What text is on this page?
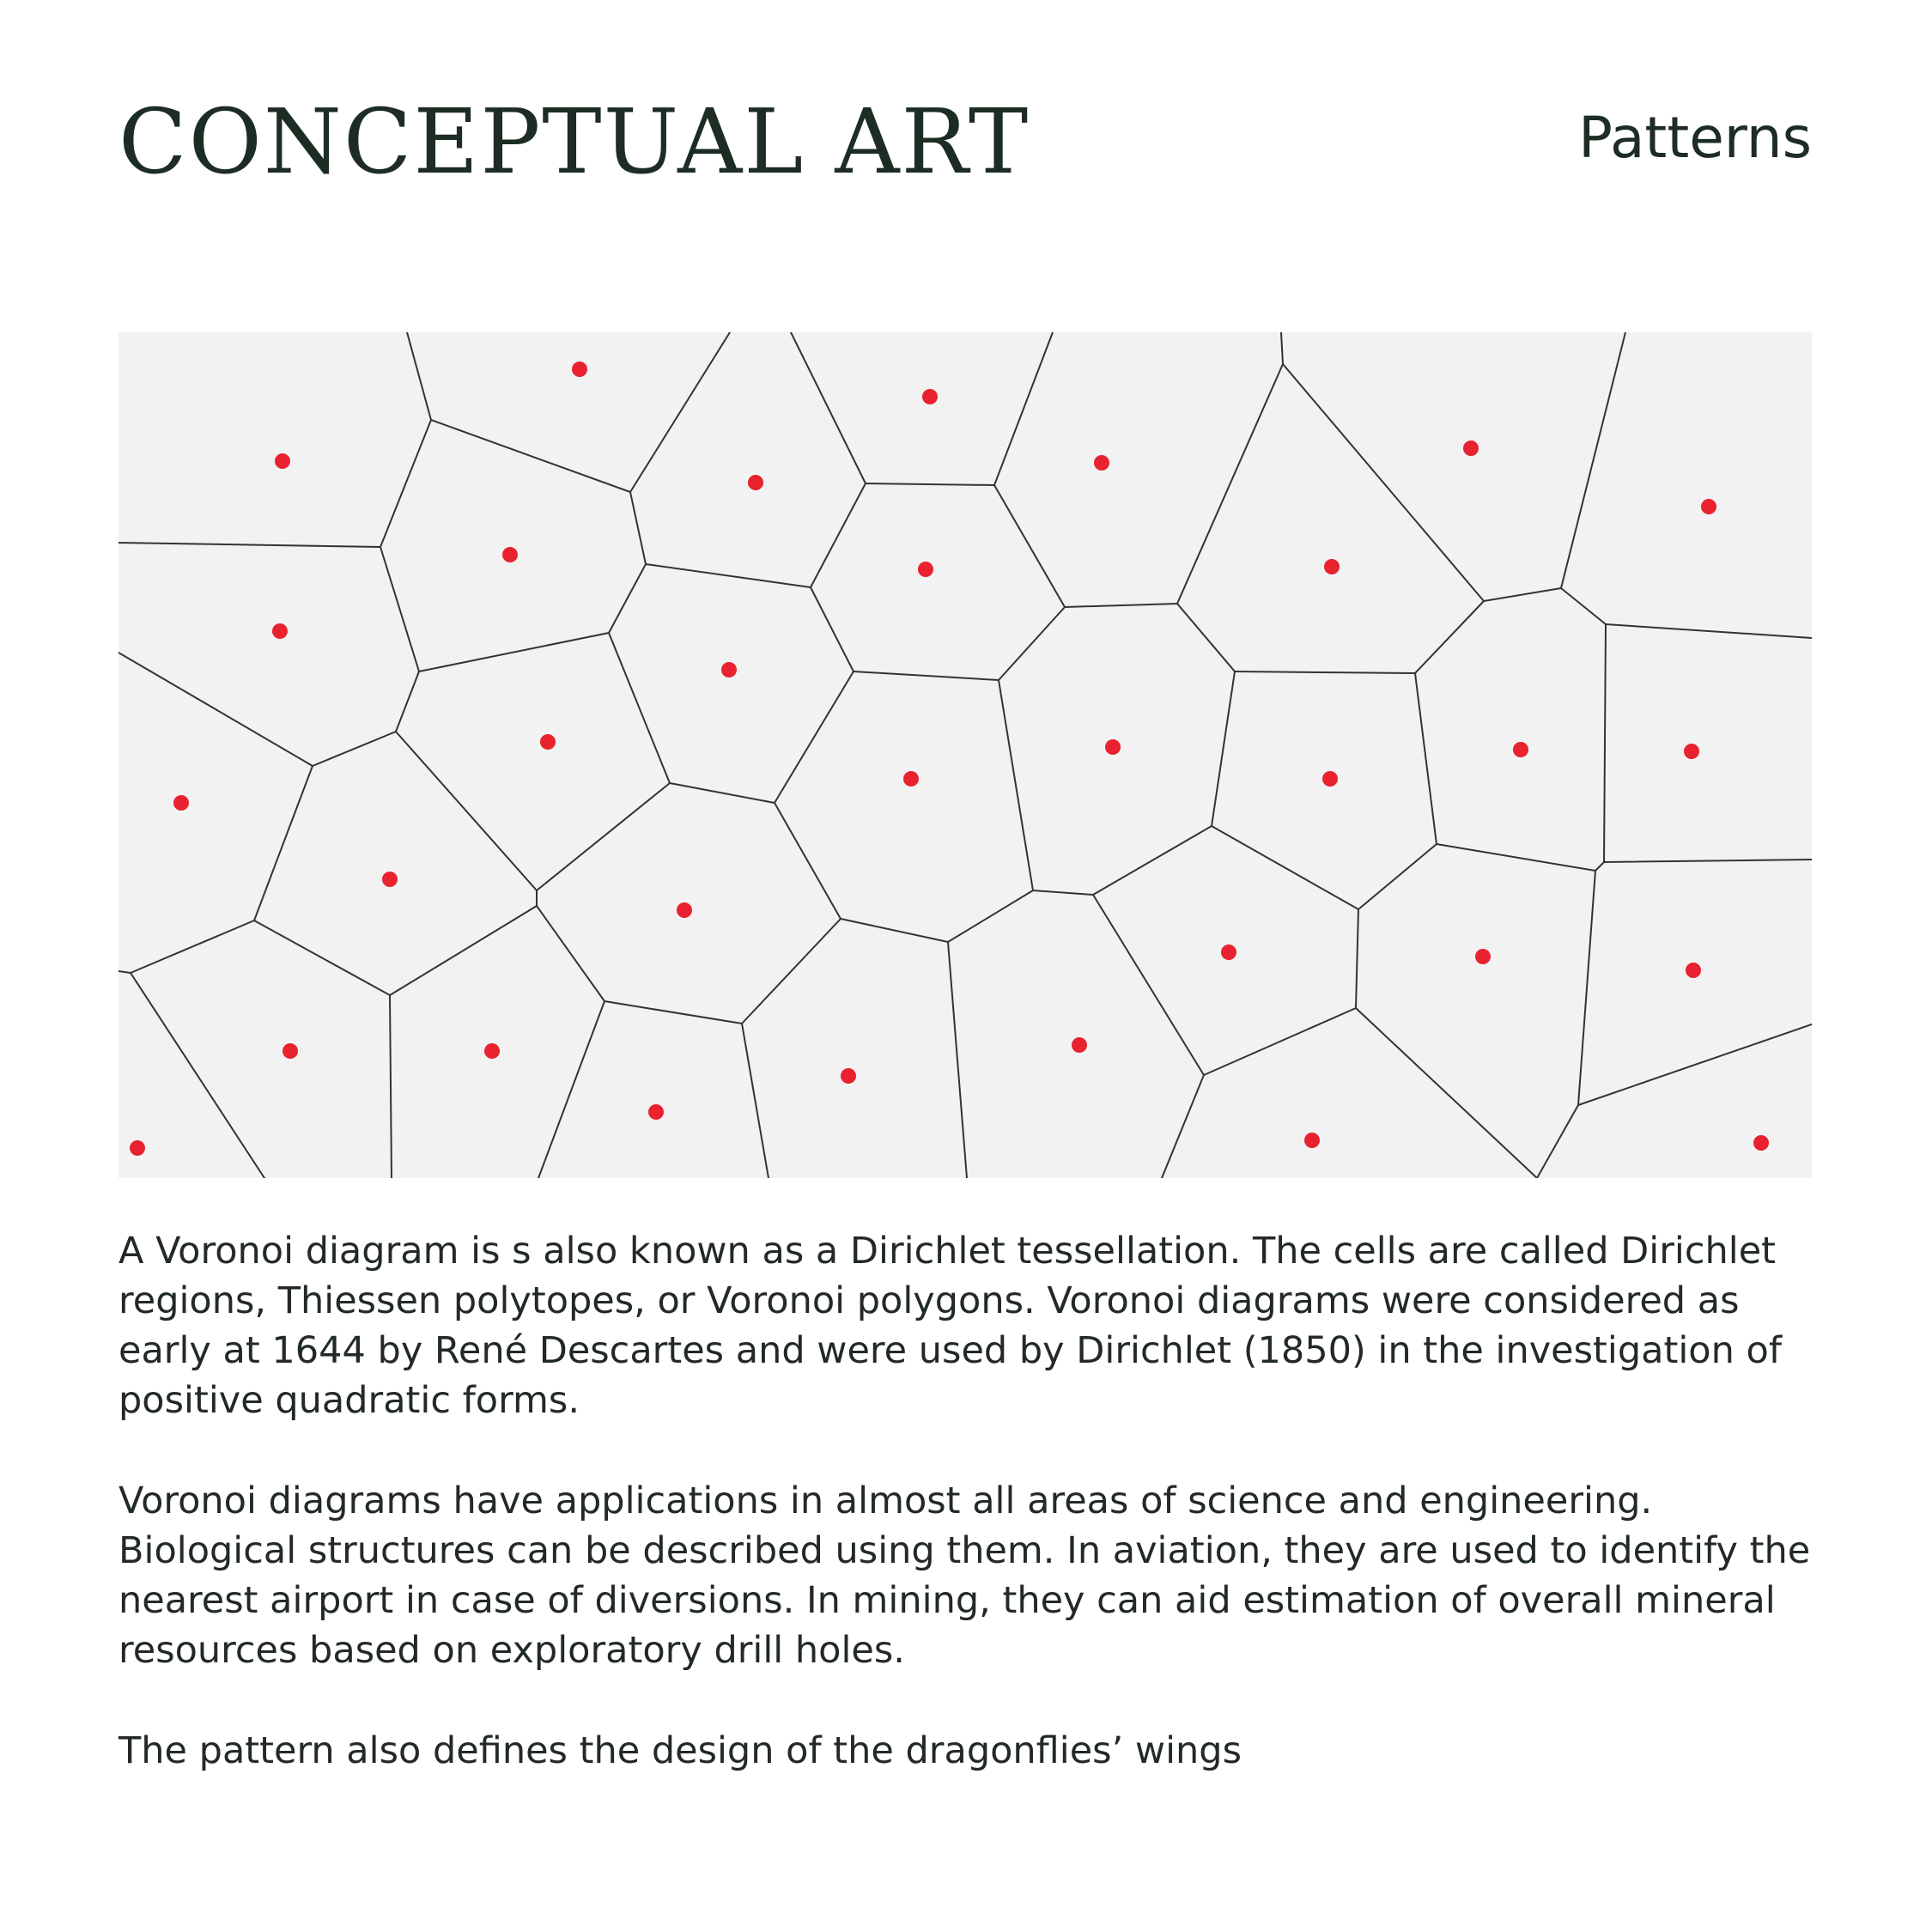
CONCEPTUAL ART	Patterns

A Voronoi diagram is s also known as a Dirichlet tessellation. The cells are called Dirichlet regions, Thiessen polytopes, or Voronoi polygons. Voronoi diagrams were considered as early at 1644 by René Descartes and were used by Dirichlet (1850) in the investigation of positive quadratic forms.

Voronoi diagrams have applications in almost all areas of science and engineering. Biological structures can be described using them. In aviation, they are used to identify the nearest airport in case of diversions. In mining, they can aid estimation of overall mineral resources based on exploratory drill holes.

The pattern also defines the design of the dragonflies’ wings
